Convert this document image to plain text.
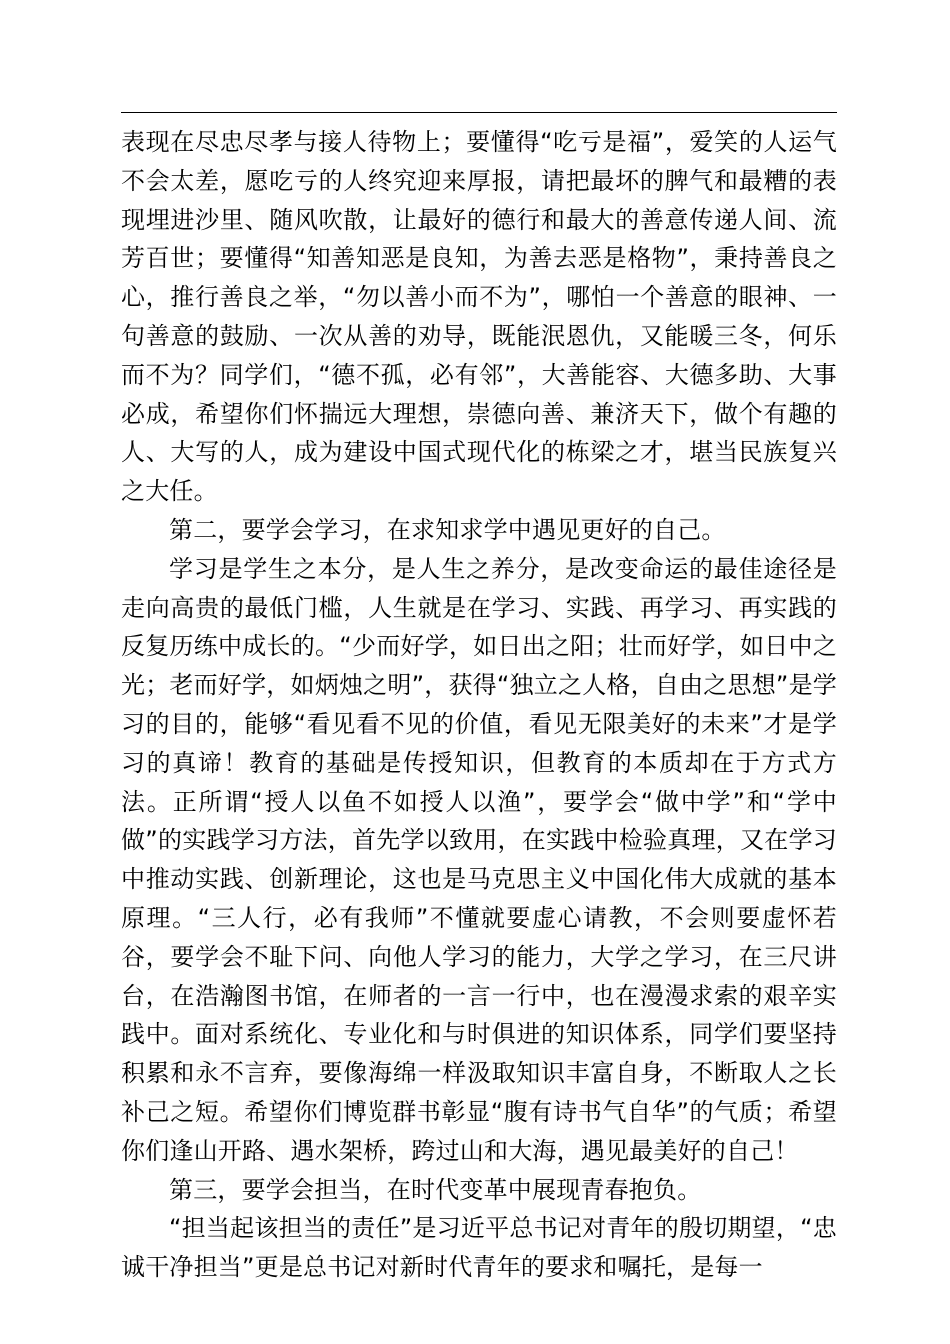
表现在尽忠尽孝与接人待物上；要懂得“吃亏是福”，爱笑的人运气不会太差，愿吃亏的人终究迎来厚报，请把最坏的脾气和最糟的表现埋进沙里、随风吹散，让最好的德行和最大的善意传递人间、流芳百世；要懂得“知善知恶是良知，为善去恶是格物”，秉持善良之心，推行善良之举，“勿以善小而不为”，哪怕一个善意的眼神、一句善意的鼓励、一次从善的劝导，既能泯恩仇，又能暖三冬，何乐而不为？同学们，“德不孤，必有邻”，大善能容、大德多助、大事必成，希望你们怀揣远大理想，崇德向善、兼济天下，做个有趣的人、大写的人，成为建设中国式现代化的栋梁之才，堪当民族复兴之大任。

第二，要学会学习，在求知求学中遇见更好的自己。

学习是学生之本分，是人生之养分，是改变命运的最佳途径是走向高贵的最低门槛，人生就是在学习、实践、再学习、再实践的反复历练中成长的。“少而好学，如日出之阳；壮而好学，如日中之光；老而好学，如炳烛之明”，获得“独立之人格，自由之思想”是学习的目的，能够“看见看不见的价值，看见无限美好的未来”才是学习的真谛！教育的基础是传授知识，但教育的本质却在于方式方法。正所谓“授人以鱼不如授人以渔”，要学会“做中学”和“学中做”的实践学习方法，首先学以致用，在实践中检验真理，又在学习中推动实践、创新理论，这也是马克思主义中国化伟大成就的基本原理。“三人行，必有我师”不懂就要虚心请教，不会则要虚怀若谷，要学会不耻下问、向他人学习的能力，大学之学习，在三尺讲台，在浩瀚图书馆，在师者的一言一行中，也在漫漫求索的艰辛实践中。面对系统化、专业化和与时俱进的知识体系，同学们要坚持积累和永不言弃，要像海绵一样汲取知识丰富自身，不断取人之长补己之短。希望你们博览群书彰显“腹有诗书气自华”的气质；希望你们逢山开路、遇水架桥，跨过山和大海，遇见最美好的自己！

第三，要学会担当，在时代变革中展现青春抱负。

“担当起该担当的责任”是习近平总书记对青年的殷切期望，“忠诚干净担当”更是总书记对新时代青年的要求和嘱托，是每一
